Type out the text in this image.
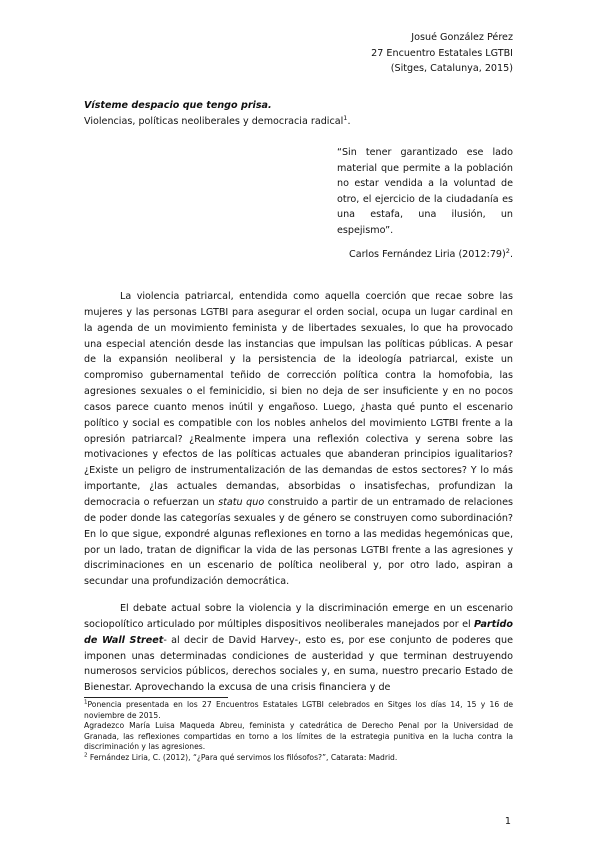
Josué González Pérez
27 Encuentro Estatales LGTBI
(Sitges, Catalunya, 2015)
Vísteme despacio que tengo prisa.
Violencias, políticas neoliberales y democracia radical$^1$.
“Sin tener garantizado ese lado material que permite a la población no estar vendida a la voluntad de otro, el ejercicio de la ciudadanía es una estafa, una ilusión, un espejismo”.
Carlos Fernández Liria (2012:79)$^2$.

La violencia patriarcal, entendida como aquella coerción que recae sobre las mujeres y las personas LGTBI para asegurar el orden social, ocupa un lugar cardinal en la agenda de un movimiento feminista y de libertades sexuales, lo que ha provocado una especial atención desde las instancias que impulsan las políticas públicas. A pesar de la expansión neoliberal y la persistencia de la ideología patriarcal, existe un compromiso gubernamental teñido de corrección política contra la homofobia, las agresiones sexuales o el feminicidio, si bien no deja de ser insuficiente y en no pocos casos parece cuanto menos inútil y engañoso. Luego, ¿hasta qué punto el escenario político y social es compatible con los nobles anhelos del movimiento LGTBI frente a la opresión patriarcal? ¿Realmente impera una reflexión colectiva y serena sobre las motivaciones y efectos de las políticas actuales que abanderan principios igualitarios? ¿Existe un peligro de instrumentalización de las demandas de estos sectores? Y lo más importante, ¿las actuales demandas, absorbidas o insatisfechas, profundizan la democracia o refuerzan un statu quo construido a partir de un entramado de relaciones de poder donde las categorías sexuales y de género se construyen como subordinación? En lo que sigue, expondré algunas reflexiones en torno a las medidas hegemónicas que, por un lado, tratan de dignificar la vida de las personas LGTBI frente a las agresiones y discriminaciones en un escenario de política neoliberal y, por otro lado, aspiran a secundar una profundización democrática.

El debate actual sobre la violencia y la discriminación emerge en un escenario sociopolítico articulado por múltiples dispositivos neoliberales manejados por el Partido de Wall Street- al decir de David Harvey-, esto es, por ese conjunto de poderes que imponen unas determinadas condiciones de austeridad y que terminan destruyendo numerosos servicios públicos, derechos sociales y, en suma, nuestro precario Estado de Bienestar. Aprovechando la excusa de una crisis financiera y de

$^1$Ponencia presentada en los 27 Encuentros Estatales LGTBI celebrados en Sitges los días 14, 15 y 16 de noviembre de 2015.

Agradezco María Luisa Maqueda Abreu, feminista y catedrática de Derecho Penal por la Universidad de Granada, las reflexiones compartidas en torno a los límites de la estrategia punitiva en la lucha contra la discriminación y las agresiones.

$^2$ Fernández Liria, C. (2012), “¿Para qué servimos los filósofos?”, Catarata: Madrid.

1
